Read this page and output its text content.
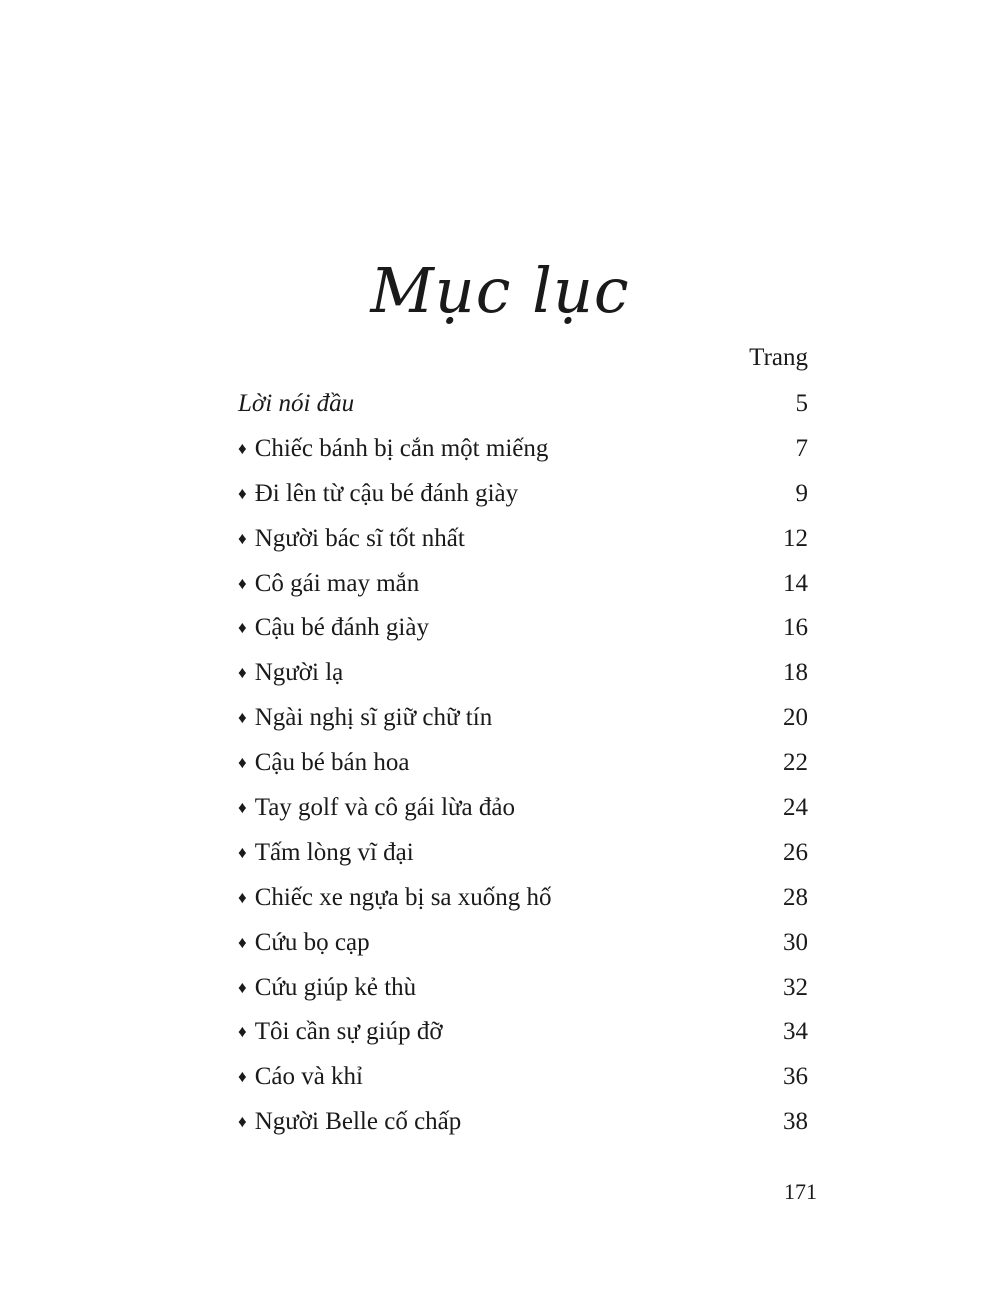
Mục lục
Trang
Lời nói đầu	5
♦ Chiếc bánh bị cắn một miếng	7
♦ Đi lên từ cậu bé đánh giày	9
♦ Người bác sĩ tốt nhất	12
♦ Cô gái may mắn	14
♦ Cậu bé đánh giày	16
♦ Người lạ	18
♦ Ngài nghị sĩ giữ chữ tín	20
♦ Cậu bé bán hoa	22
♦ Tay golf và cô gái lừa đảo	24
♦ Tấm lòng vĩ đại	26
♦ Chiếc xe ngựa bị sa xuống hố	28
♦ Cứu bọ cạp	30
♦ Cứu giúp kẻ thù	32
♦ Tôi cần sự giúp đỡ	34
♦ Cáo và khỉ	36
♦ Người Belle cố chấp	38
171
